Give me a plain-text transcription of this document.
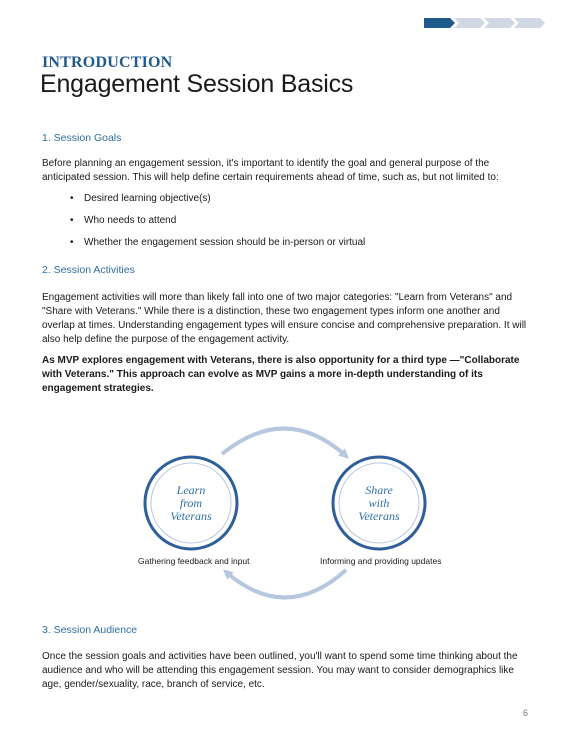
INTRODUCTION
Engagement Session Basics
1. Session Goals
Before planning an engagement session, it's important to identify the goal and general purpose of the anticipated session. This will help define certain requirements ahead of time, such as, but not limited to:
• Desired learning objective(s)
• Who needs to attend
• Whether the engagement session should be in-person or virtual
2. Session Activities
Engagement activities will more than likely fall into one of two major categories: "Learn from Veterans" and "Share with Veterans." While there is a distinction, these two engagement types inform one another and overlap at times. Understanding engagement types will ensure concise and comprehensive preparation. It will also help define the purpose of the engagement activity.
As MVP explores engagement with Veterans, there is also opportunity for a third type —"Collaborate with Veterans." This approach can evolve as MVP gains a more in-depth understanding of its engagement strategies.
Learn
from
Veterans
Share
with
Veterans
Gathering feedback and input	Informing and providing updates
3. Session Audience
Once the session goals and activities have been outlined, you'll want to spend some time thinking about the audience and who will be attending this engagement session. You may want to consider demographics like age, gender/sexuality, race, branch of service, etc.
6
